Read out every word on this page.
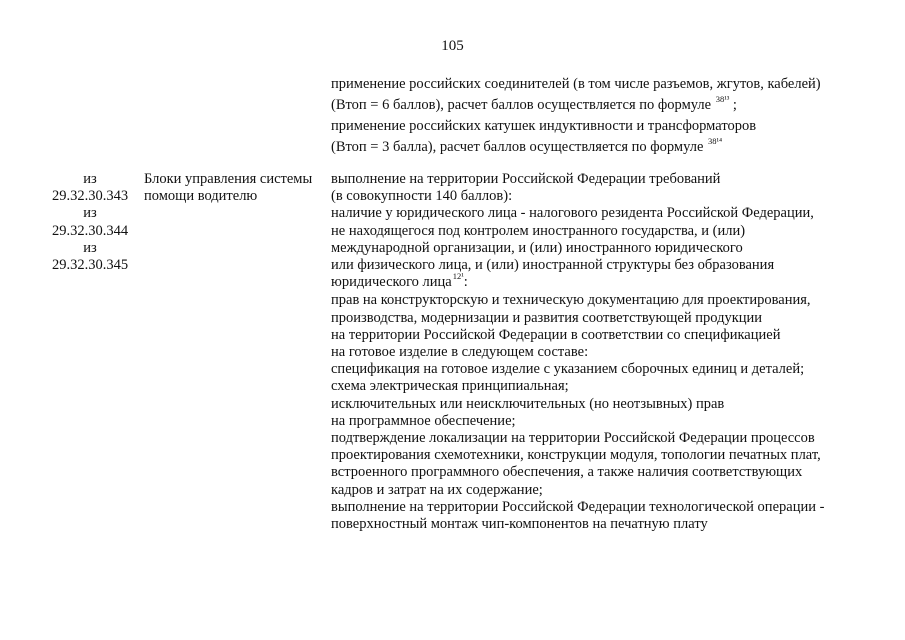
105
применение российских соединителей (в том числе разъемов, жгутов, кабелей)
(Втоп = 6 баллов), расчет баллов осуществляется по формуле $^{38^{13}}$ ;
применение российских катушек индуктивности и трансформаторов
(Втоп = 3 балла), расчет баллов осуществляется по формуле $^{38^{14}}$
из
29.32.30.343
из
29.32.30.344
из
29.32.30.345
Блоки управления системы
помощи водителю
выполнение на территории Российской Федерации требований
(в совокупности 140 баллов):
наличие у юридического лица - налогового резидента Российской Федерации,
не находящегося под контролем иностранного государства, и (или)
международной организации, и (или) иностранного юридического
или физического лица, и (или) иностранной структуры без образования
юридического лица$^{12^1}$:
прав на конструкторскую и техническую документацию для проектирования,
производства, модернизации и развития соответствующей продукции
на территории Российской Федерации в соответствии со спецификацией
на готовое изделие в следующем составе:
спецификация на готовое изделие с указанием сборочных единиц и деталей;
схема электрическая принципиальная;
исключительных или неисключительных (но неотзывных) прав
на программное обеспечение;
подтверждение локализации на территории Российской Федерации процессов
проектирования схемотехники, конструкции модуля, топологии печатных плат,
встроенного программного обеспечения, а также наличия соответствующих
кадров и затрат на их содержание;
выполнение на территории Российской Федерации технологической операции -
поверхностный монтаж чип-компонентов на печатную плату
